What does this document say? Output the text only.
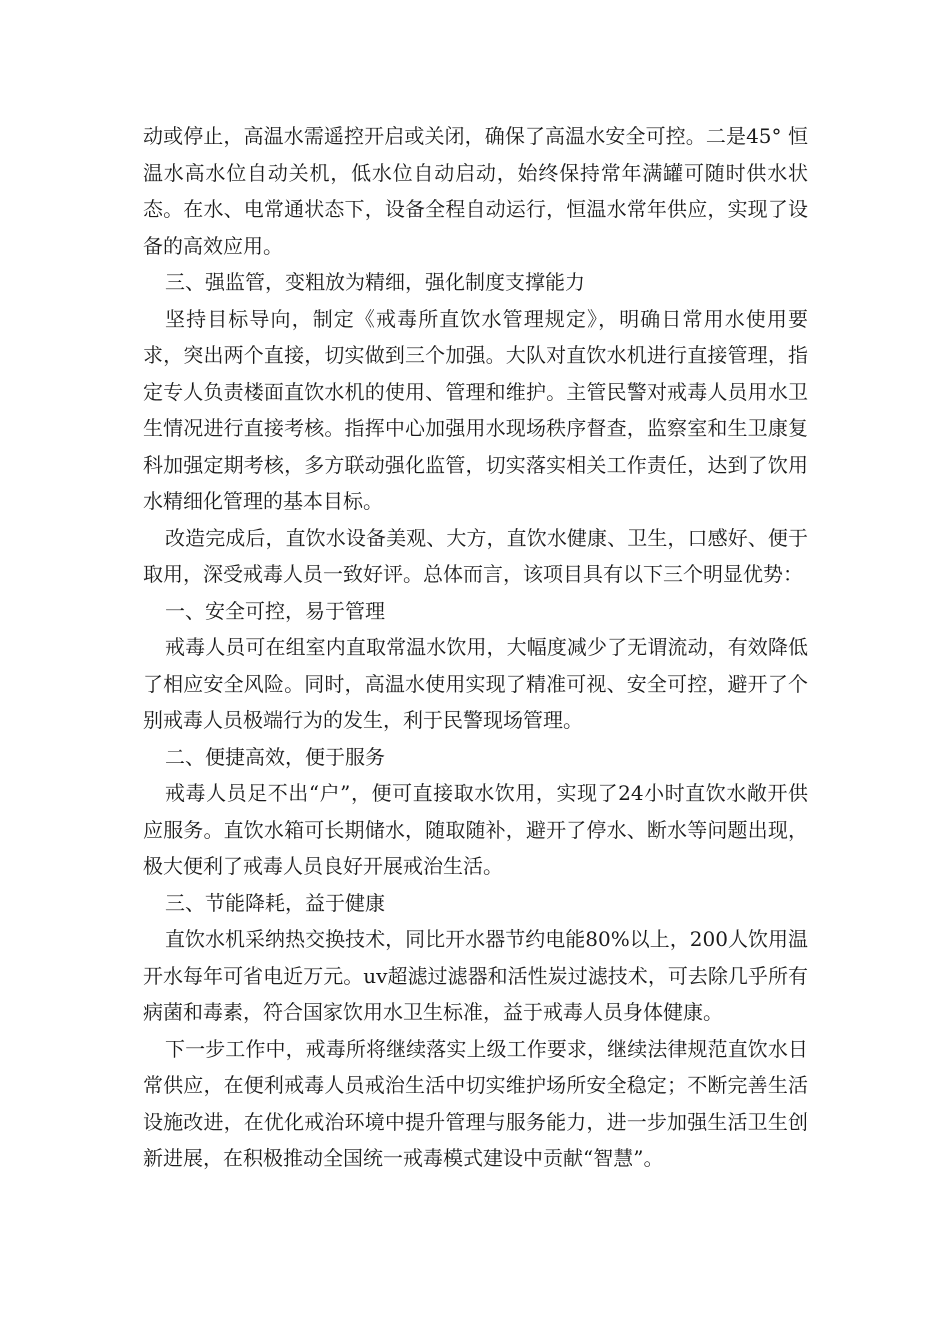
动或停止，高温水需遥控开启或关闭，确保了高温水安全可控。二是45° 恒温水高水位自动关机，低水位自动启动，始终保持常年满罐可随时供水状态。在水、电常通状态下，设备全程自动运行，恒温水常年供应，实现了设备的高效应用。

三、强监管，变粗放为精细，强化制度支撑能力

坚持目标导向，制定《戒毒所直饮水管理规定》，明确日常用水使用要求，突出两个直接，切实做到三个加强。大队对直饮水机进行直接管理，指定专人负责楼面直饮水机的使用、管理和维护。主管民警对戒毒人员用水卫生情况进行直接考核。指挥中心加强用水现场秩序督查，监察室和生卫康复科加强定期考核，多方联动强化监管，切实落实相关工作责任，达到了饮用水精细化管理的基本目标。

改造完成后，直饮水设备美观、大方，直饮水健康、卫生，口感好、便于取用，深受戒毒人员一致好评。总体而言，该项目具有以下三个明显优势：

一、安全可控，易于管理

戒毒人员可在组室内直取常温水饮用，大幅度减少了无谓流动，有效降低了相应安全风险。同时，高温水使用实现了精准可视、安全可控，避开了个别戒毒人员极端行为的发生，利于民警现场管理。

二、便捷高效，便于服务

戒毒人员足不出“户”，便可直接取水饮用，实现了24小时直饮水敞开供应服务。直饮水箱可长期储水，随取随补，避开了停水、断水等问题出现，极大便利了戒毒人员良好开展戒治生活。

三、节能降耗，益于健康

直饮水机采纳热交换技术，同比开水器节约电能80%以上，200人饮用温开水每年可省电近万元。uv超滤过滤器和活性炭过滤技术，可去除几乎所有病菌和毒素，符合国家饮用水卫生标准，益于戒毒人员身体健康。

下一步工作中，戒毒所将继续落实上级工作要求，继续法律规范直饮水日常供应，在便利戒毒人员戒治生活中切实维护场所安全稳定；不断完善生活设施改进，在优化戒治环境中提升管理与服务能力，进一步加强生活卫生创新进展，在积极推动全国统一戒毒模式建设中贡献“智慧”。
